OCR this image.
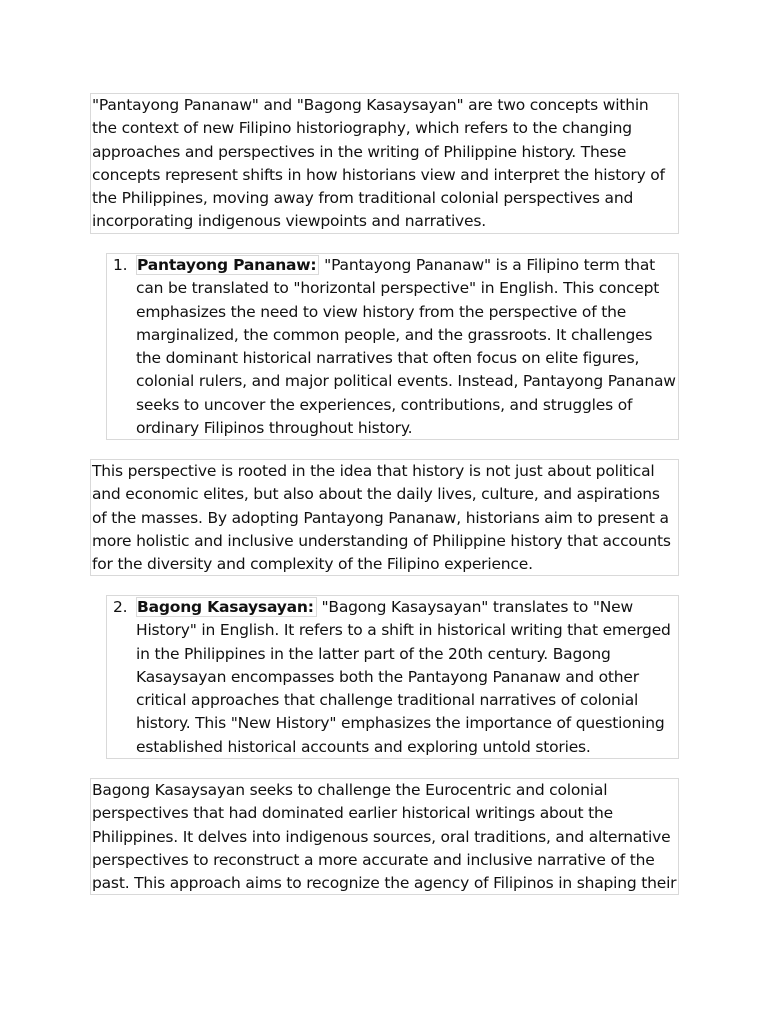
"Pantayong Pananaw" and "Bagong Kasaysayan" are two concepts within the context of new Filipino historiography, which refers to the changing approaches and perspectives in the writing of Philippine history. These concepts represent shifts in how historians view and interpret the history of the Philippines, moving away from traditional colonial perspectives and incorporating indigenous viewpoints and narratives.
1. Pantayong Pananaw: "Pantayong Pananaw" is a Filipino term that can be translated to "horizontal perspective" in English. This concept emphasizes the need to view history from the perspective of the marginalized, the common people, and the grassroots. It challenges the dominant historical narratives that often focus on elite figures, colonial rulers, and major political events. Instead, Pantayong Pananaw seeks to uncover the experiences, contributions, and struggles of ordinary Filipinos throughout history.
This perspective is rooted in the idea that history is not just about political and economic elites, but also about the daily lives, culture, and aspirations of the masses. By adopting Pantayong Pananaw, historians aim to present a more holistic and inclusive understanding of Philippine history that accounts for the diversity and complexity of the Filipino experience.
2. Bagong Kasaysayan: "Bagong Kasaysayan" translates to "New History" in English. It refers to a shift in historical writing that emerged in the Philippines in the latter part of the 20th century. Bagong Kasaysayan encompasses both the Pantayong Pananaw and other critical approaches that challenge traditional narratives of colonial history. This "New History" emphasizes the importance of questioning established historical accounts and exploring untold stories.
Bagong Kasaysayan seeks to challenge the Eurocentric and colonial perspectives that had dominated earlier historical writings about the Philippines. It delves into indigenous sources, oral traditions, and alternative perspectives to reconstruct a more accurate and inclusive narrative of the past. This approach aims to recognize the agency of Filipinos in shaping their
